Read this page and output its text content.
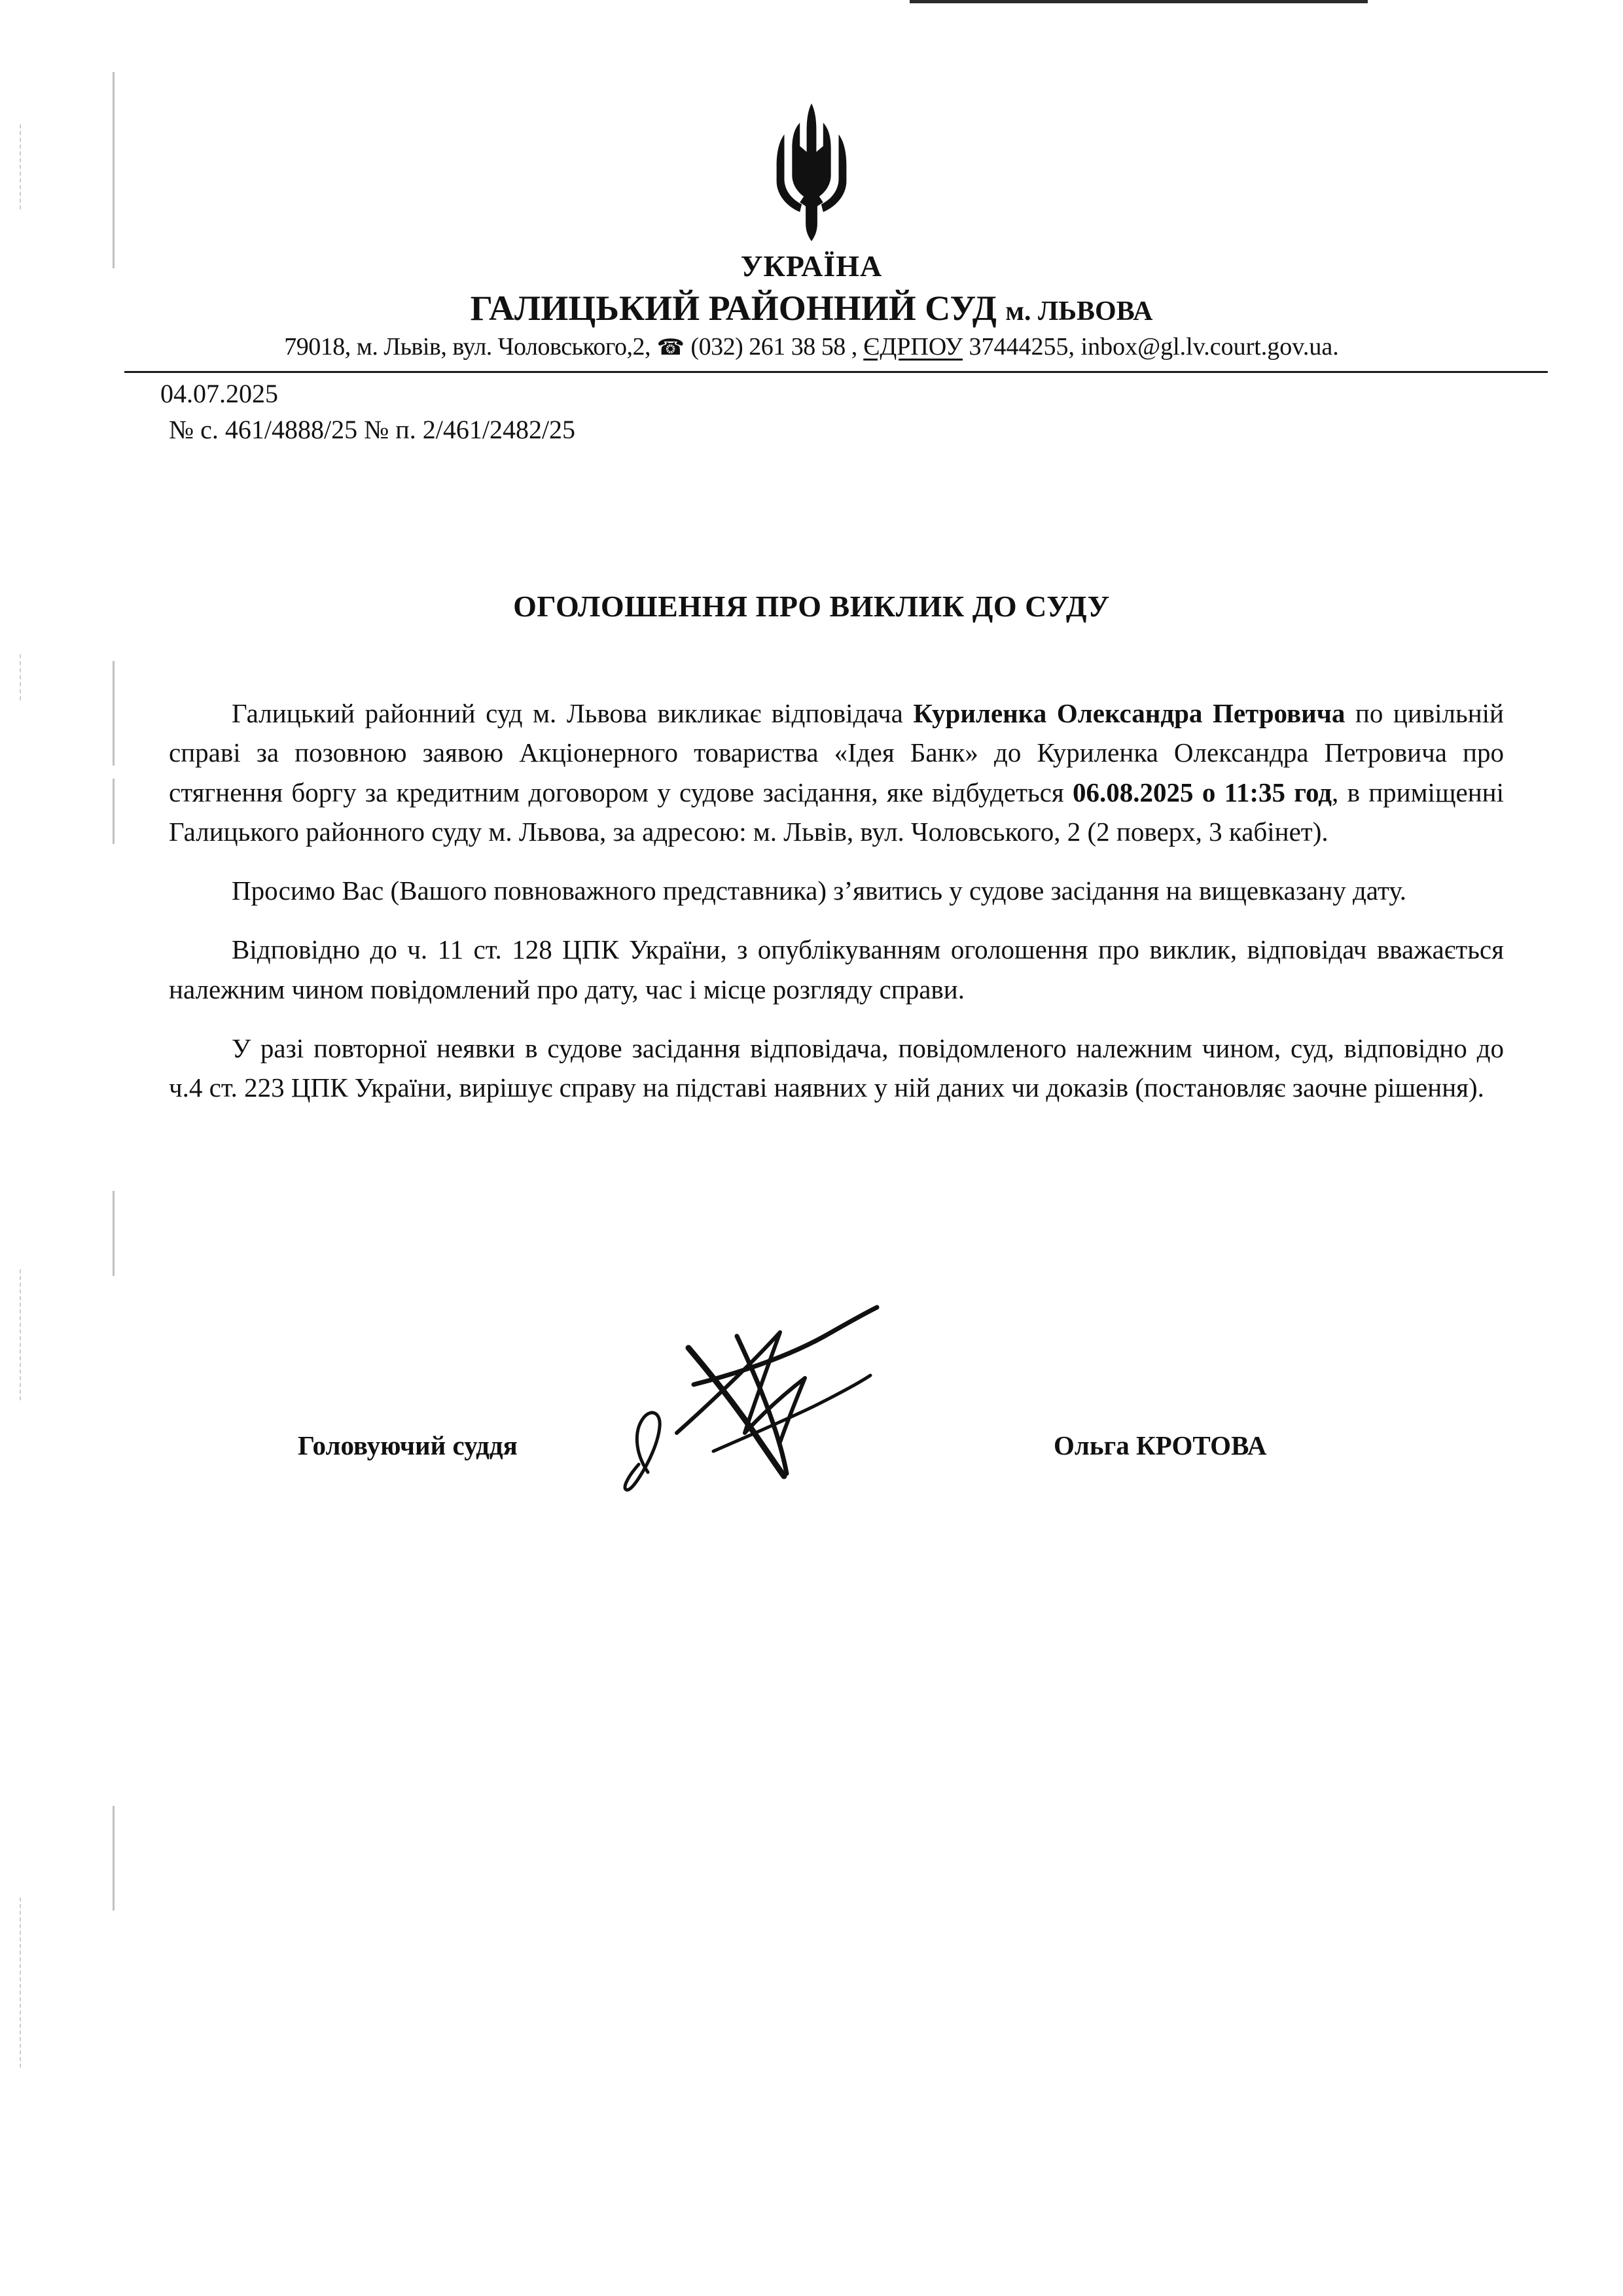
УКРАЇНА
ГАЛИЦЬКИЙ РАЙОННИЙ СУД м. ЛЬВОВА
79018, м. Львів, вул. Чоловського,2, ☎ (032) 261 38 58 , ЄДРПОУ 37444255, inbox@gl.lv.court.gov.ua.
04.07.2025
№ с. 461/4888/25 № п. 2/461/2482/25
ОГОЛОШЕННЯ ПРО ВИКЛИК ДО СУДУ

Галицький районний суд м. Львова викликає відповідача Куриленка Олександра Петровича по цивільній справі за позовною заявою Акціонерного товариства «Ідея Банк» до Куриленка Олександра Петровича про стягнення боргу за кредитним договором у судове засідання, яке відбудеться 06.08.2025 о 11:35 год, в приміщенні Галицького районного суду м. Львова, за адресою: м. Львів, вул. Чоловського, 2 (2 поверх, 3 кабінет).

Просимо Вас (Вашого повноважного представника) з’явитись у судове засідання на вищевказану дату.

Відповідно до ч. 11 ст. 128 ЦПК України, з опублікуванням оголошення про виклик, відповідач вважається належним чином повідомлений про дату, час і місце розгляду справи.

У разі повторної неявки в судове засідання відповідача, повідомленого належним чином, суд, відповідно до ч.4 ст. 223 ЦПК України, вирішує справу на підставі наявних у ній даних чи доказів (постановляє заочне рішення).

Головуючий суддя	Ольга КРОТОВА
